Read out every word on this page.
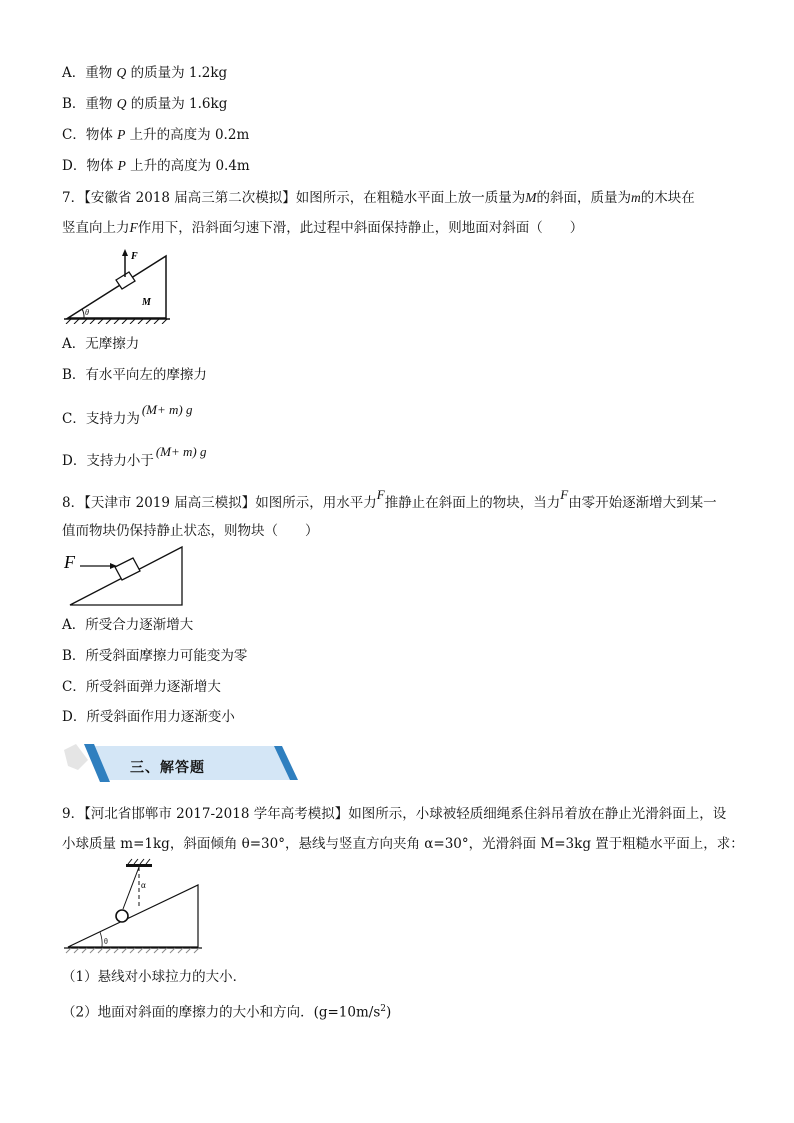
A．重物 Q 的质量为 1.2kg
B．重物 Q 的质量为 1.6kg
C．物体 P 上升的高度为 0.2m
D．物体 P 上升的高度为 0.4m
7．【安徽省 2018 届高三第二次模拟】如图所示，在粗糙水平面上放一质量为M的斜面，质量为m的木块在
竖直向上力F作用下，沿斜面匀速下滑，此过程中斜面保持静止，则地面对斜面（　　）
F
M
θ
A．无摩擦力
B．有水平向左的摩擦力
C．支持力为(M+ m) g
D．支持力小于(M+ m) g
8．【天津市 2019 届高三模拟】如图所示，用水平力F推静止在斜面上的物块，当力F由零开始逐渐增大到某一
值而物块仍保持静止状态，则物块（　　）
F
A．所受合力逐渐增大
B．所受斜面摩擦力可能变为零
C．所受斜面弹力逐渐增大
D．所受斜面作用力逐渐变小
三、解答题
9．【河北省邯郸市 2017-2018 学年高考模拟】如图所示，小球被轻质细绳系住斜吊着放在静止光滑斜面上，设
小球质量 m=1kg，斜面倾角 θ=30°，悬线与竖直方向夹角 α=30°，光滑斜面 M=3kg 置于粗糙水平面上，求：
α
θ
（1）悬线对小球拉力的大小．
（2）地面对斜面的摩擦力的大小和方向．$(g=10m/s^2)$
